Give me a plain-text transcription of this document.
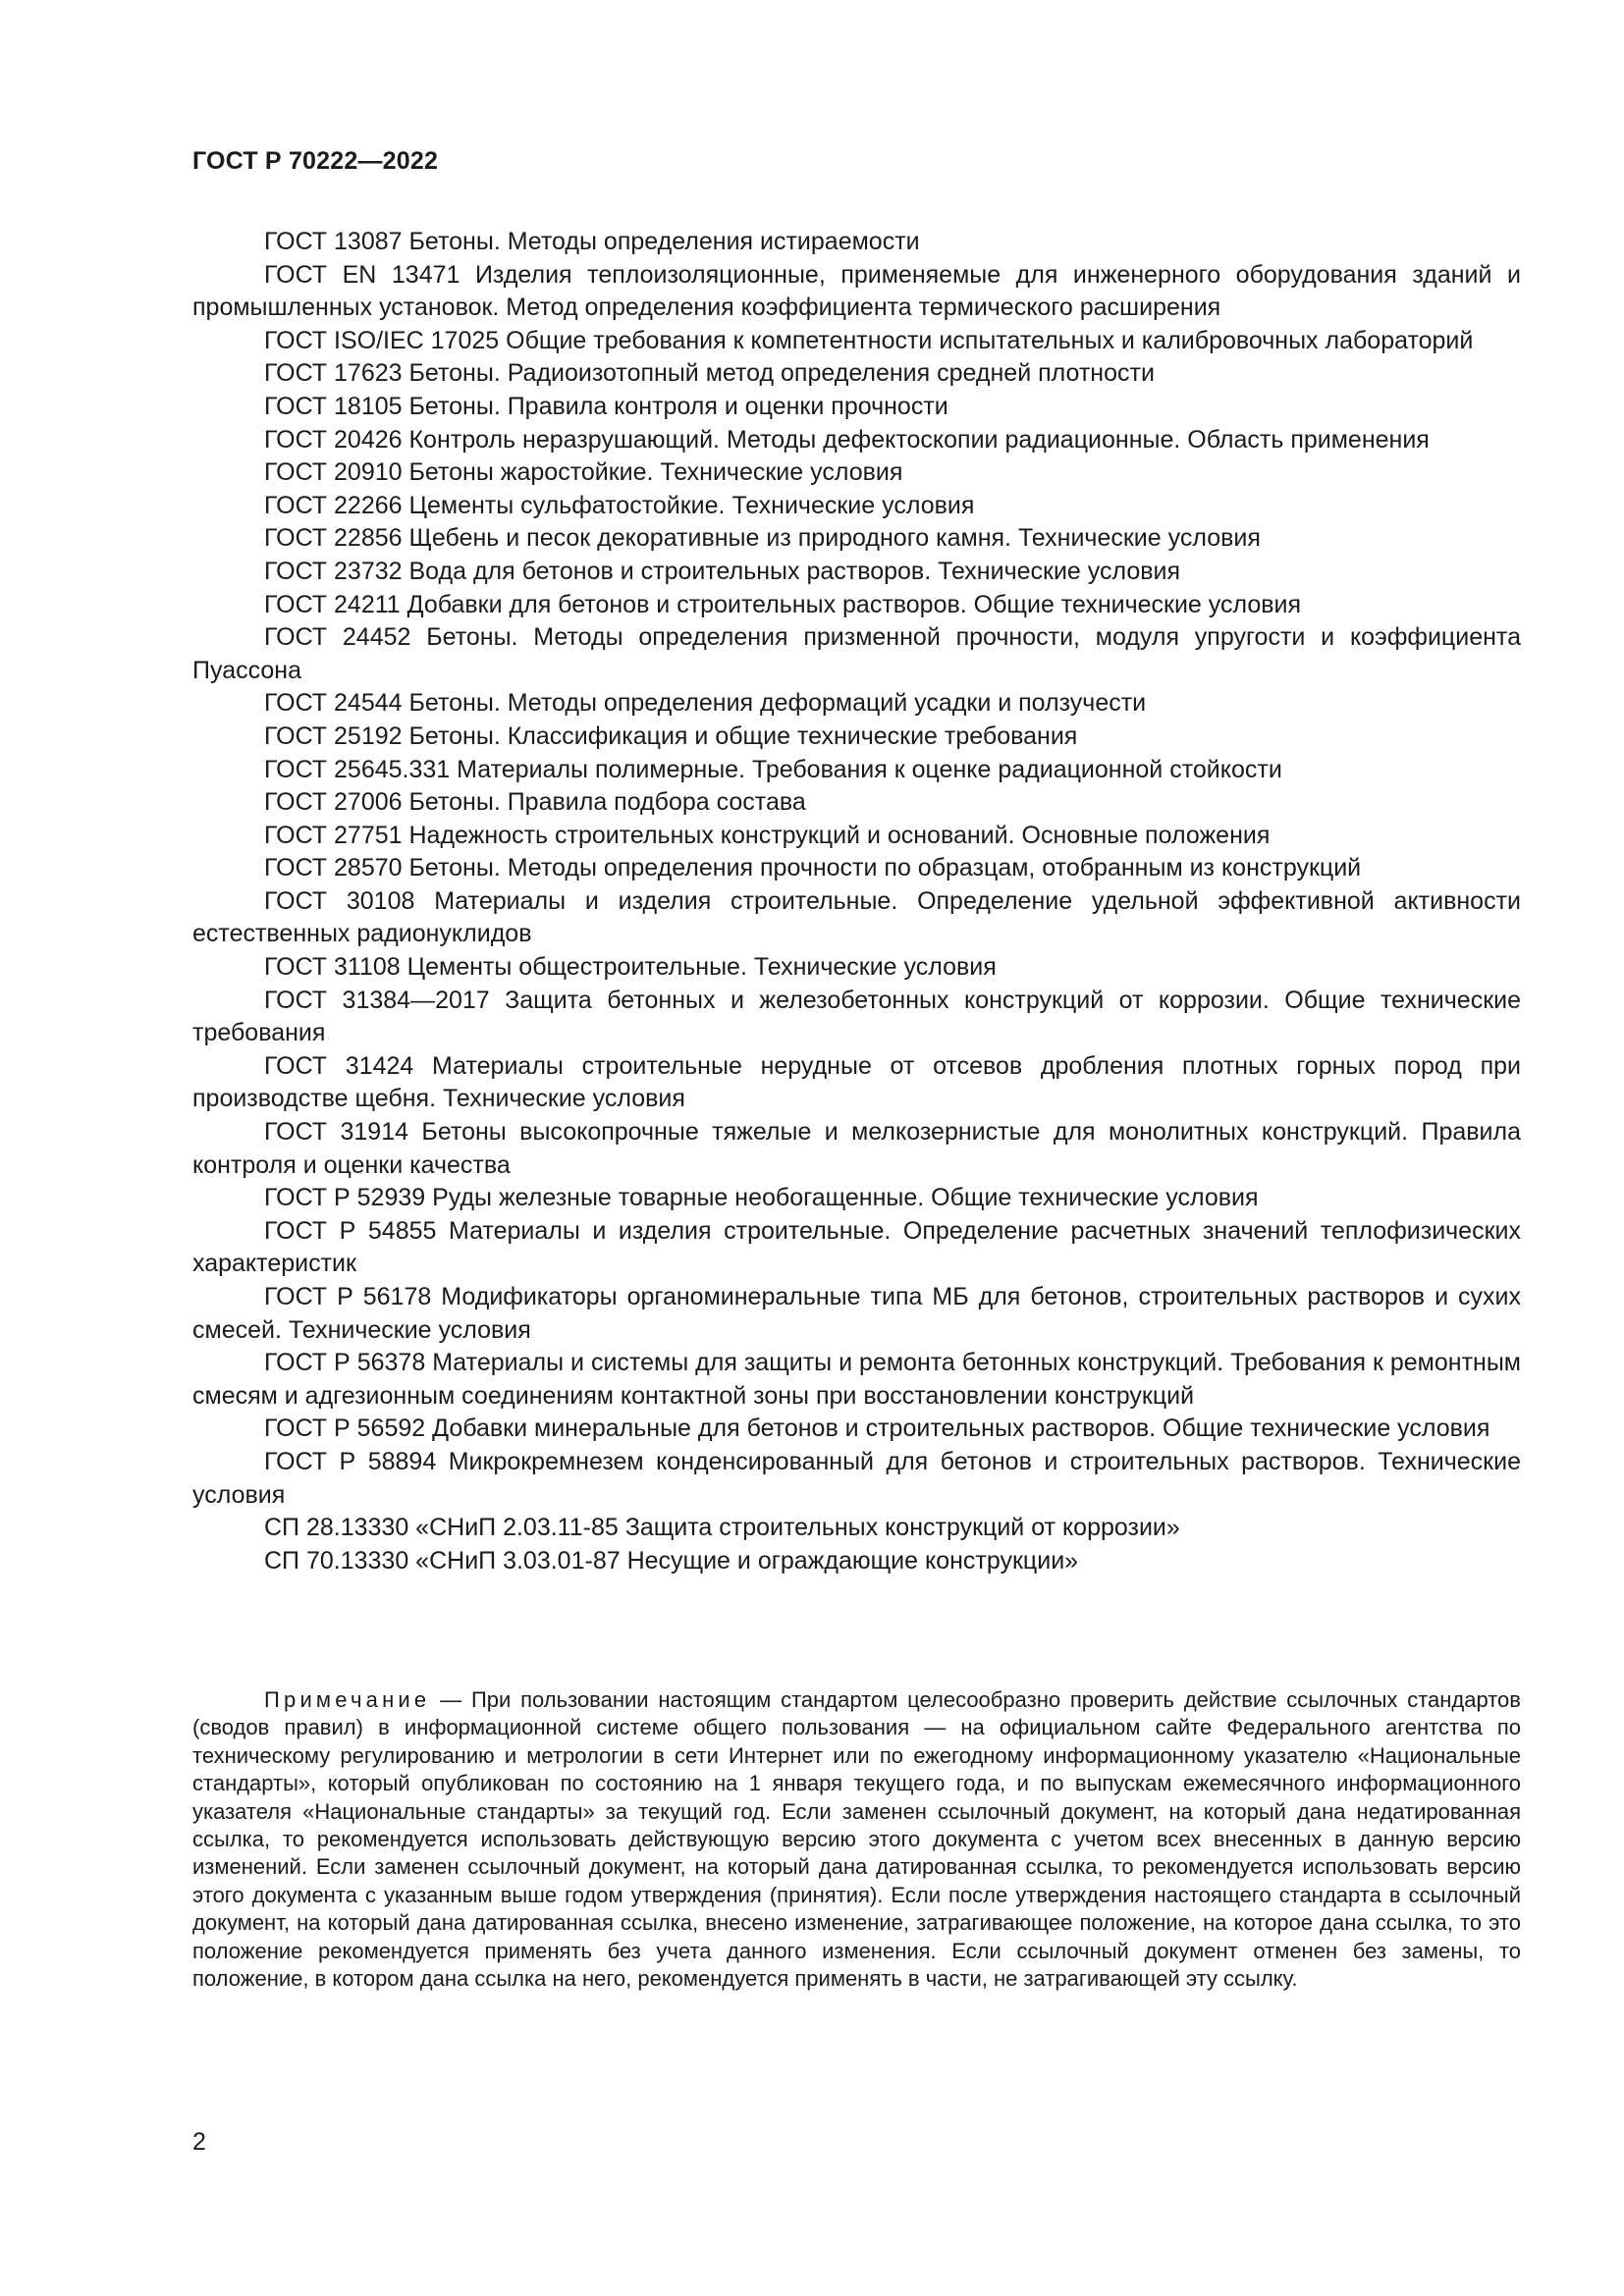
ГОСТ Р 70222—2022

ГОСТ 13087 Бетоны. Методы определения истираемости

ГОСТ EN 13471 Изделия теплоизоляционные, применяемые для инженерного оборудования зданий и промышленных установок. Метод определения коэффициента термического расширения

ГОСТ ISO/IEC 17025 Общие требования к компетентности испытательных и калибровочных лабораторий

ГОСТ 17623 Бетоны. Радиоизотопный метод определения средней плотности

ГОСТ 18105 Бетоны. Правила контроля и оценки прочности

ГОСТ 20426 Контроль неразрушающий. Методы дефектоскопии радиационные. Область применения

ГОСТ 20910 Бетоны жаростойкие. Технические условия

ГОСТ 22266 Цементы сульфатостойкие. Технические условия

ГОСТ 22856 Щебень и песок декоративные из природного камня. Технические условия

ГОСТ 23732 Вода для бетонов и строительных растворов. Технические условия

ГОСТ 24211 Добавки для бетонов и строительных растворов. Общие технические условия

ГОСТ 24452 Бетоны. Методы определения призменной прочности, модуля упругости и коэффициента Пуассона

ГОСТ 24544 Бетоны. Методы определения деформаций усадки и ползучести

ГОСТ 25192 Бетоны. Классификация и общие технические требования

ГОСТ 25645.331 Материалы полимерные. Требования к оценке радиационной стойкости

ГОСТ 27006 Бетоны. Правила подбора состава

ГОСТ 27751 Надежность строительных конструкций и оснований. Основные положения

ГОСТ 28570 Бетоны. Методы определения прочности по образцам, отобранным из конструкций

ГОСТ 30108 Материалы и изделия строительные. Определение удельной эффективной активности естественных радионуклидов

ГОСТ 31108 Цементы общестроительные. Технические условия

ГОСТ 31384—2017 Защита бетонных и железобетонных конструкций от коррозии. Общие технические требования

ГОСТ 31424 Материалы строительные нерудные от отсевов дробления плотных горных пород при производстве щебня. Технические условия

ГОСТ 31914 Бетоны высокопрочные тяжелые и мелкозернистые для монолитных конструкций. Правила контроля и оценки качества

ГОСТ Р 52939 Руды железные товарные необогащенные. Общие технические условия

ГОСТ Р 54855 Материалы и изделия строительные. Определение расчетных значений теплофизических характеристик

ГОСТ Р 56178 Модификаторы органоминеральные типа МБ для бетонов, строительных растворов и сухих смесей. Технические условия

ГОСТ Р 56378 Материалы и системы для защиты и ремонта бетонных конструкций. Требования к ремонтным смесям и адгезионным соединениям контактной зоны при восстановлении конструкций

ГОСТ Р 56592 Добавки минеральные для бетонов и строительных растворов. Общие технические условия

ГОСТ Р 58894 Микрокремнезем конденсированный для бетонов и строительных растворов. Технические условия

СП 28.13330 «СНиП 2.03.11-85 Защита строительных конструкций от коррозии»

СП 70.13330 «СНиП 3.03.01-87 Несущие и ограждающие конструкции»

Примечание — При пользовании настоящим стандартом целесообразно проверить действие ссылочных стандартов (сводов правил) в информационной системе общего пользования — на официальном сайте Федерального агентства по техническому регулированию и метрологии в сети Интернет или по ежегодному информационному указателю «Национальные стандарты», который опубликован по состоянию на 1 января текущего года, и по выпускам ежемесячного информационного указателя «Национальные стандарты» за текущий год. Если заменен ссылочный документ, на который дана недатированная ссылка, то рекомендуется использовать действующую версию этого документа с учетом всех внесенных в данную версию изменений. Если заменен ссылочный документ, на который дана датированная ссылка, то рекомендуется использовать версию этого документа с указанным выше годом утверждения (принятия). Если после утверждения настоящего стандарта в ссылочный документ, на который дана датированная ссылка, внесено изменение, затрагивающее положение, на которое дана ссылка, то это положение рекомендуется применять без учета данного изменения. Если ссылочный документ отменен без замены, то положение, в котором дана ссылка на него, рекомендуется применять в части, не затрагивающей эту ссылку.

2
